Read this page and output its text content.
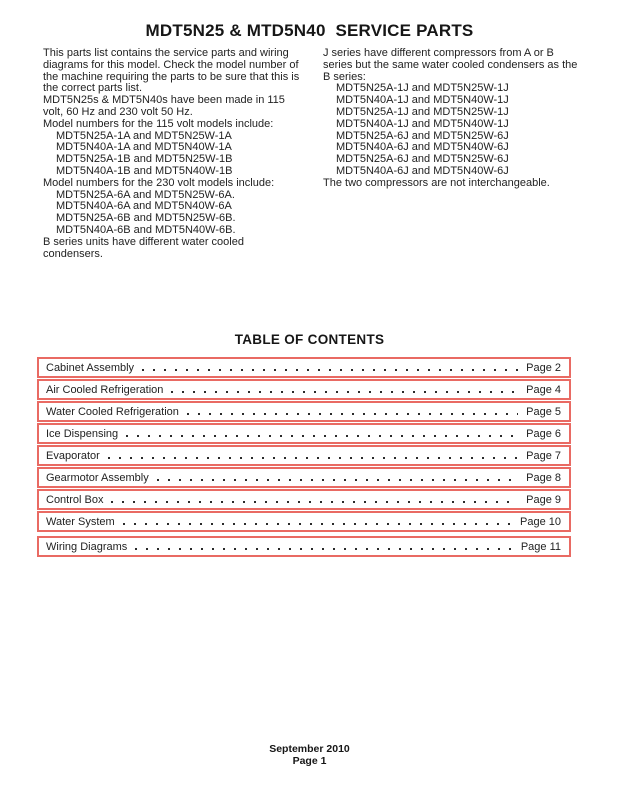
MDT5N25 & MTD5N40  SERVICE PARTS
This parts list contains the service parts and wiring diagrams for this model. Check the model number of the machine requiring the parts to be sure that this is the correct parts list.
MDT5N25s & MDT5N40s have been made in 115 volt, 60 Hz and 230 volt 50 Hz.
Model numbers for the 115 volt models include:
MDT5N25A-1A and MDT5N25W-1A
MDT5N40A-1A and MDT5N40W-1A
MDT5N25A-1B and MDT5N25W-1B
MDT5N40A-1B and MDT5N40W-1B
Model numbers for the 230 volt models include:
MDT5N25A-6A and MDT5N25W-6A.
MDT5N40A-6A and MDT5N40W-6A
MDT5N25A-6B and MDT5N25W-6B.
MDT5N40A-6B and MDT5N40W-6B.
B series units have different water cooled condensers.
J series have different compressors from A or B series but the same water cooled condensers as the B series:
MDT5N25A-1J and MDT5N25W-1J
MDT5N40A-1J and MDT5N40W-1J
MDT5N25A-1J and MDT5N25W-1J
MDT5N40A-1J and MDT5N40W-1J
MDT5N25A-6J and MDT5N25W-6J
MDT5N40A-6J and MDT5N40W-6J
MDT5N25A-6J and MDT5N25W-6J
MDT5N40A-6J and MDT5N40W-6J
The two compressors are not interchangeable.
TABLE OF CONTENTS
Cabinet Assembly	Page 2
Air Cooled Refrigeration	Page 4
Water Cooled Refrigeration	Page 5
Ice Dispensing	Page 6
Evaporator	Page 7
Gearmotor Assembly	Page 8
Control Box	Page 9
Water System	Page 10
Wiring Diagrams	Page 11
September 2010
Page 1
